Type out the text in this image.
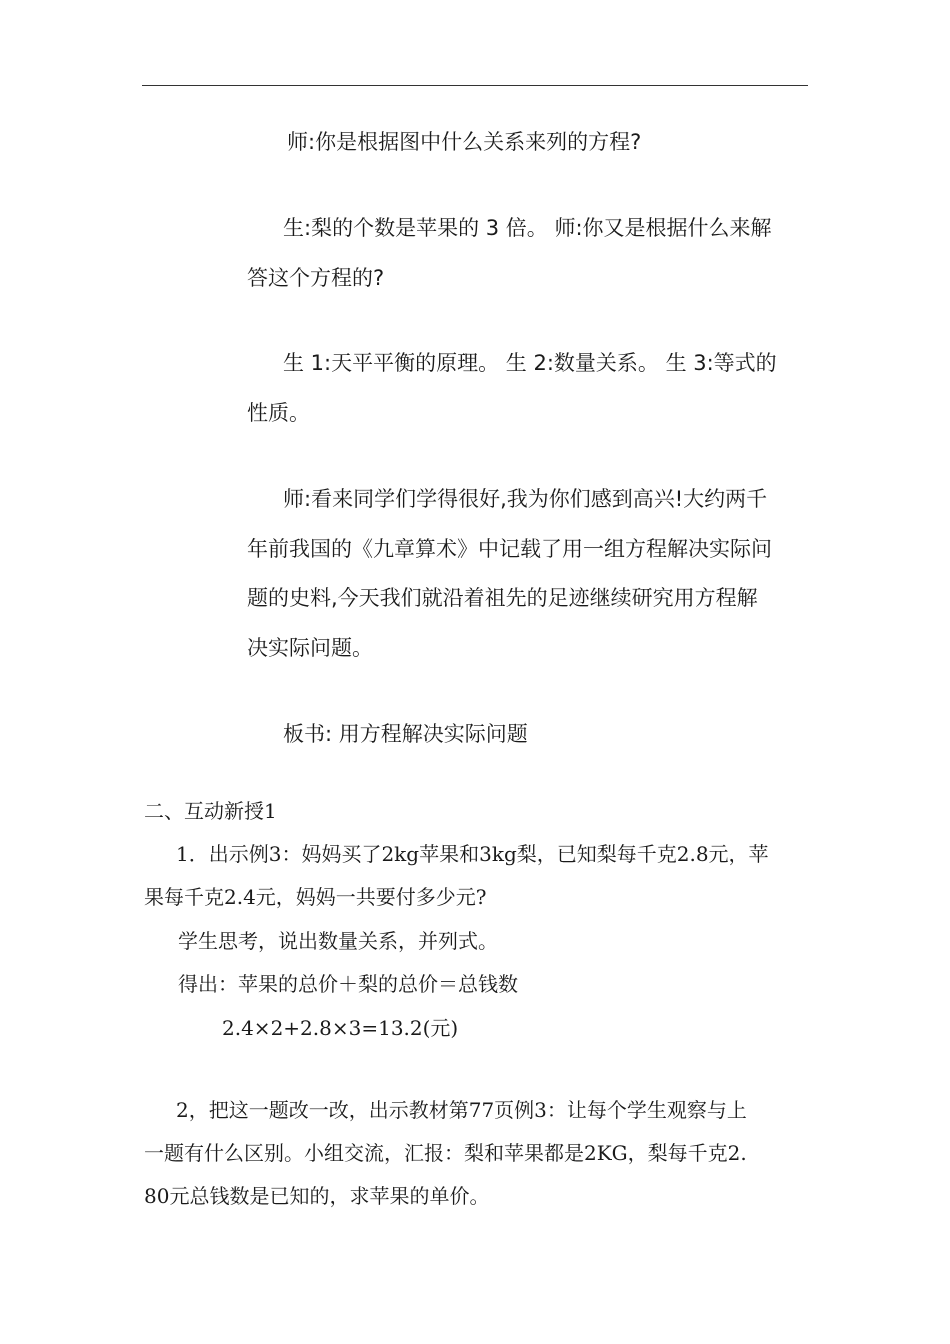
师:你是根据图中什么关系来列的方程?
生:梨的个数是苹果的 3 倍。 师:你又是根据什么来解
答这个方程的?
生 1:天平平衡的原理。 生 2:数量关系。 生 3:等式的
性质。
师:看来同学们学得很好,我为你们感到高兴!大约两千
年前我国的《九章算术》中记载了用一组方程解决实际问
题的史料,今天我们就沿着祖先的足迹继续研究用方程解
决实际问题。
板书: 用方程解决实际问题
二、互动新授1
1．出示例3：妈妈买了2kg苹果和3kg梨，已知梨每千克2.8元，苹
果每千克2.4元，妈妈一共要付多少元?
学生思考，说出数量关系，并列式。
得出：苹果的总价＋梨的总价＝总钱数
2.4×2+2.8×3=13.2(元)
2，把这一题改一改，出示教材第77页例3：让每个学生观察与上
一题有什么区别。小组交流，汇报：梨和苹果都是2KG，梨每千克2.
80元总钱数是已知的，求苹果的单价。
